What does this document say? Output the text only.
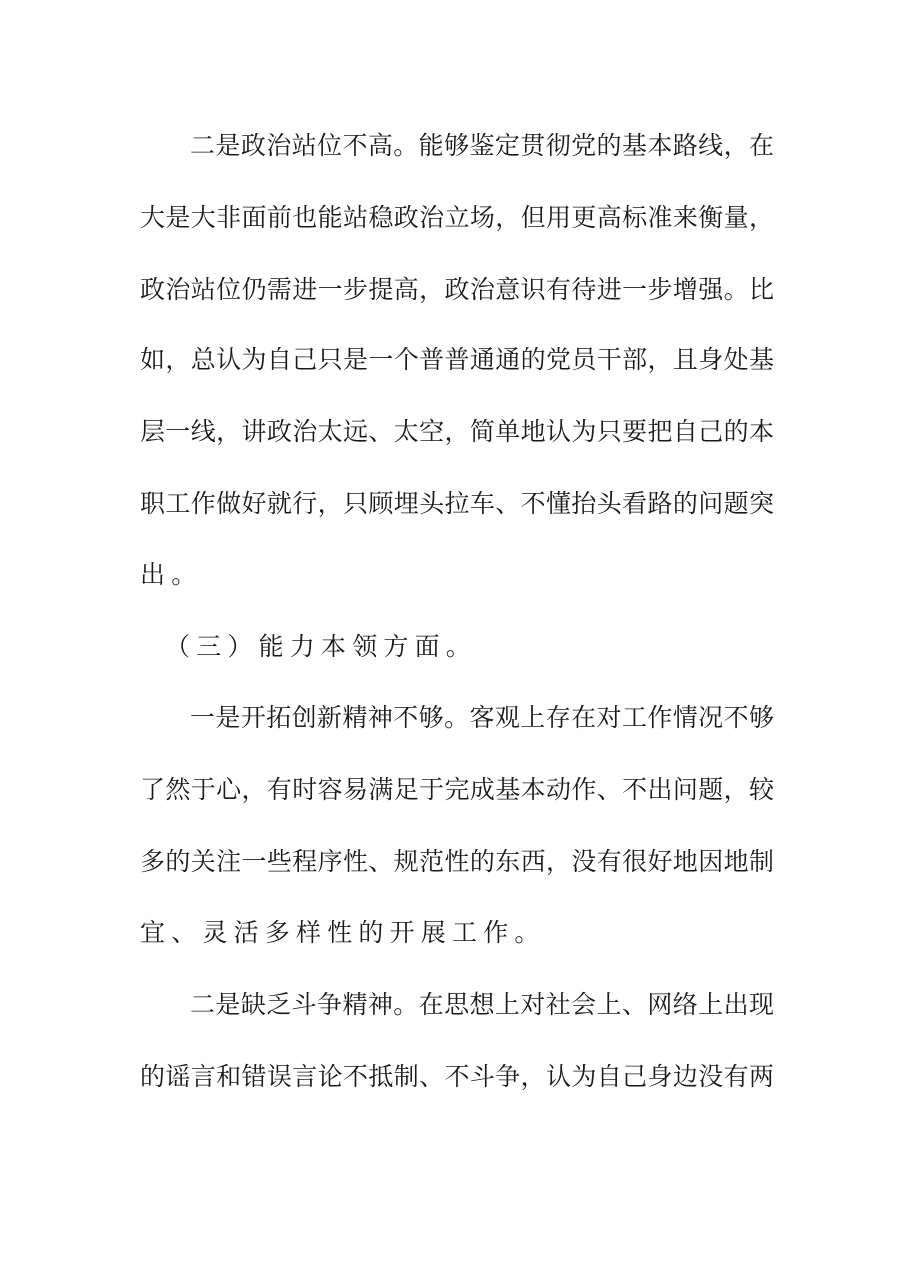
二是政治站位不高。能够鉴定贯彻党的基本路线，在
大是大非面前也能站稳政治立场，但用更高标准来衡量，
政治站位仍需进一步提高，政治意识有待进一步增强。比
如，总认为自己只是一个普普通通的党员干部，且身处基
层一线，讲政治太远、太空，简单地认为只要把自己的本
职工作做好就行，只顾埋头拉车、不懂抬头看路的问题突
出。
（三）能力本领方面。
一是开拓创新精神不够。客观上存在对工作情况不够
了然于心，有时容易满足于完成基本动作、不出问题，较
多的关注一些程序性、规范性的东西，没有很好地因地制
宜、灵活多样性的开展工作。
二是缺乏斗争精神。在思想上对社会上、网络上出现
的谣言和错误言论不抵制、不斗争，认为自己身边没有两
